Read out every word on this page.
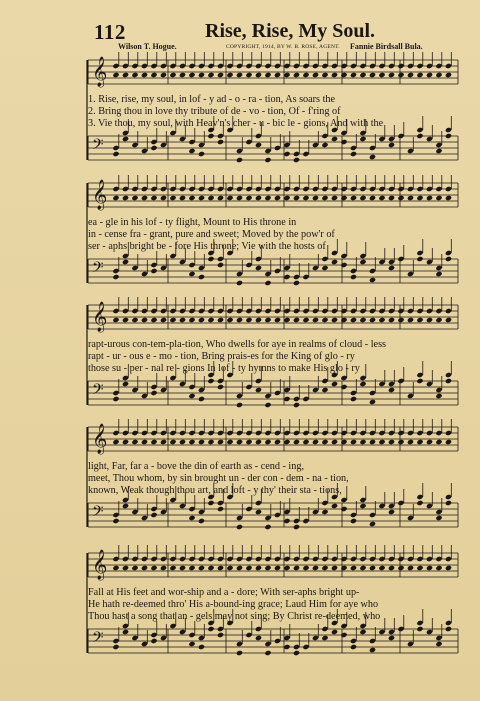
112	Rise, Rise, My Soul.
Wilson T. Hogue.	COPYRIGHT, 1914, BY W. B. ROSE, AGENT. Fannie Birdsall Bula.
𝄞
𝄢
1. Rise, rise, my soul, in lof - y ad - o - ra - tion, As soars the
2. Bring thou in love thy tribute of de - vo - tion, Of - f'ring of
3. Vie thou, my soul, with Heav'n's cher - u - bic le - gions, And with the
𝄞
𝄢
ea - gle in his lof - ty flight, Mount to His throne in
in - cense fra - grant, pure and sweet; Moved by the pow'r of
ser - aphs bright be - fore His throne; Vie with the hosts of
𝄞
𝄢
rapt-urous con-tem-pla-tion, Who dwells for aye in realms of cloud - less
rapt - ur - ous e - mo - tion, Bring prais-es for the King of glo - ry
those su - per - nal re - gions In lof - ty hymns to make His glo - ry
𝄞
𝄢
light, Far, far a - bove the din of earth as - cend - ing,
meet, Thou whom, by sin brought un - der con - dem - na - tion,
known, Weak though thou art, and loft - y thy' their sta - tions,
𝄞
𝄢
Fall at His feet and wor-ship and a - dore; With ser-aphs bright up-
He hath re-deemed thro' His a-bound-ing grace; Laud Him for aye who
Thou hast a song that an - gels may not sing; By Christ re-deemed, who
